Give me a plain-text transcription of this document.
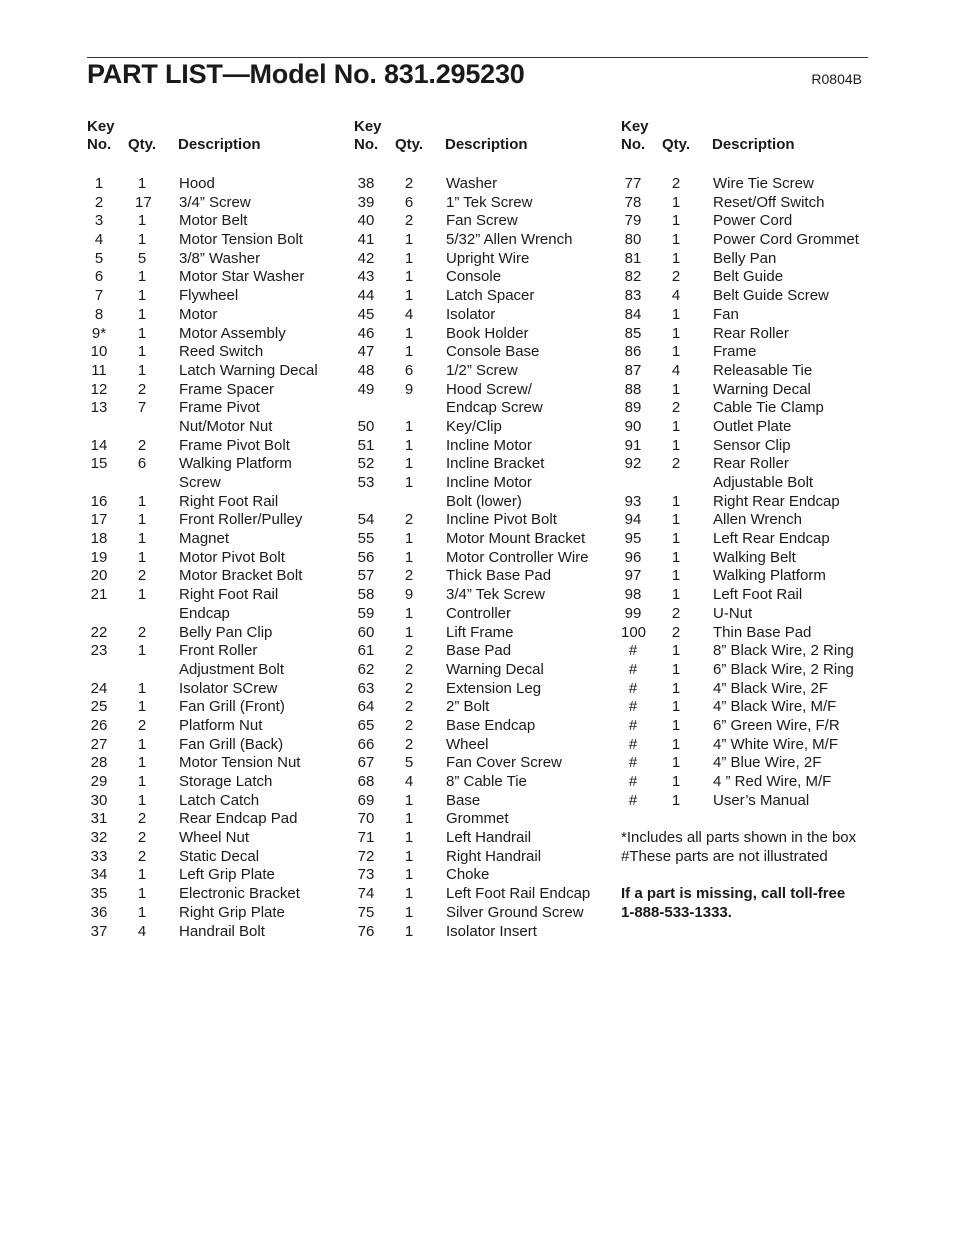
PART LIST—Model No. 831.295230	R0804B
Key
No. Qty. Description
1	1 Hood
2	17 3/4” Screw
3	1 Motor Belt
4	1 Motor Tension Bolt
5	5 3/8” Washer
6	1 Motor Star Washer
7	1 Flywheel
8	1 Motor
9*	1 Motor Assembly
10 1 Reed Switch
11 1 Latch Warning Decal
12 2 Frame Spacer
13 7 Frame Pivot
Nut/Motor Nut
14 2 Frame Pivot Bolt
15 6 Walking Platform
Screw
16 1 Right Foot Rail
17 1 Front Roller/Pulley
18 1 Magnet
19 1 Motor Pivot Bolt
20 2 Motor Bracket Bolt
21 1 Right Foot Rail
Endcap
22 2 Belly Pan Clip
23 1 Front Roller
Adjustment Bolt
24 1 Isolator SCrew
25 1 Fan Grill (Front)
26 2 Platform Nut
27 1 Fan Grill (Back)
28 1 Motor Tension Nut
29 1 Storage Latch
30 1 Latch Catch
31 2 Rear Endcap Pad
32 2 Wheel Nut
33 2 Static Decal
34 1 Left Grip Plate
35 1 Electronic Bracket
36 1 Right Grip Plate
37 4 Handrail Bolt
Key
No. Qty. Description
38 2 Washer
39 6 1” Tek Screw
40 2 Fan Screw
41 1 5/32” Allen Wrench
42 1 Upright Wire
43 1 Console
44 1 Latch Spacer
45 4 Isolator
46 1 Book Holder
47 1 Console Base
48 6 1/2” Screw
49 9 Hood Screw/
Endcap Screw
50 1 Key/Clip
51 1 Incline Motor
52 1 Incline Bracket
53 1 Incline Motor
Bolt (lower)
54 2 Incline Pivot Bolt
55 1 Motor Mount Bracket
56 1 Motor Controller Wire
57 2 Thick Base Pad
58 9 3/4” Tek Screw
59 1 Controller
60 1 Lift Frame
61 2 Base Pad
62 2 Warning Decal
63 2 Extension Leg
64 2 2” Bolt
65 2 Base Endcap
66 2 Wheel
67 5 Fan Cover Screw
68 4 8” Cable Tie
69 1 Base
70 1 Grommet
71 1 Left Handrail
72 1 Right Handrail
73 1 Choke
74 1 Left Foot Rail Endcap
75 1 Silver Ground Screw
76 1 Isolator Insert
Key
No. Qty. Description
77 2 Wire Tie Screw
78 1 Reset/Off Switch
79 1 Power Cord
80 1 Power Cord Grommet
81 1 Belly Pan
82 2 Belt Guide
83 4 Belt Guide Screw
84 1 Fan
85 1 Rear Roller
86 1 Frame
87 4 Releasable Tie
88 1 Warning Decal
89 2 Cable Tie Clamp
90 1 Outlet Plate
91 1 Sensor Clip
92 2 Rear Roller
Adjustable Bolt
93 1 Right Rear Endcap
94 1 Allen Wrench
95 1 Left Rear Endcap
96 1 Walking Belt
97 1 Walking Platform
98 1 Left Foot Rail
99 2 U-Nut
100 2 Thin Base Pad
#	1 8” Black Wire, 2 Ring
#	1 6” Black Wire, 2 Ring
#	1 4” Black Wire, 2F
#	1 4” Black Wire, M/F
#	1 6” Green Wire, F/R
#	1 4” White Wire, M/F
#	1 4” Blue Wire, 2F
#	1 4 ” Red Wire, M/F
#	1 User’s Manual

*Includes all parts shown in the box

#These parts are not illustrated

If a part is missing, call toll-free

1-888-533-1333.
